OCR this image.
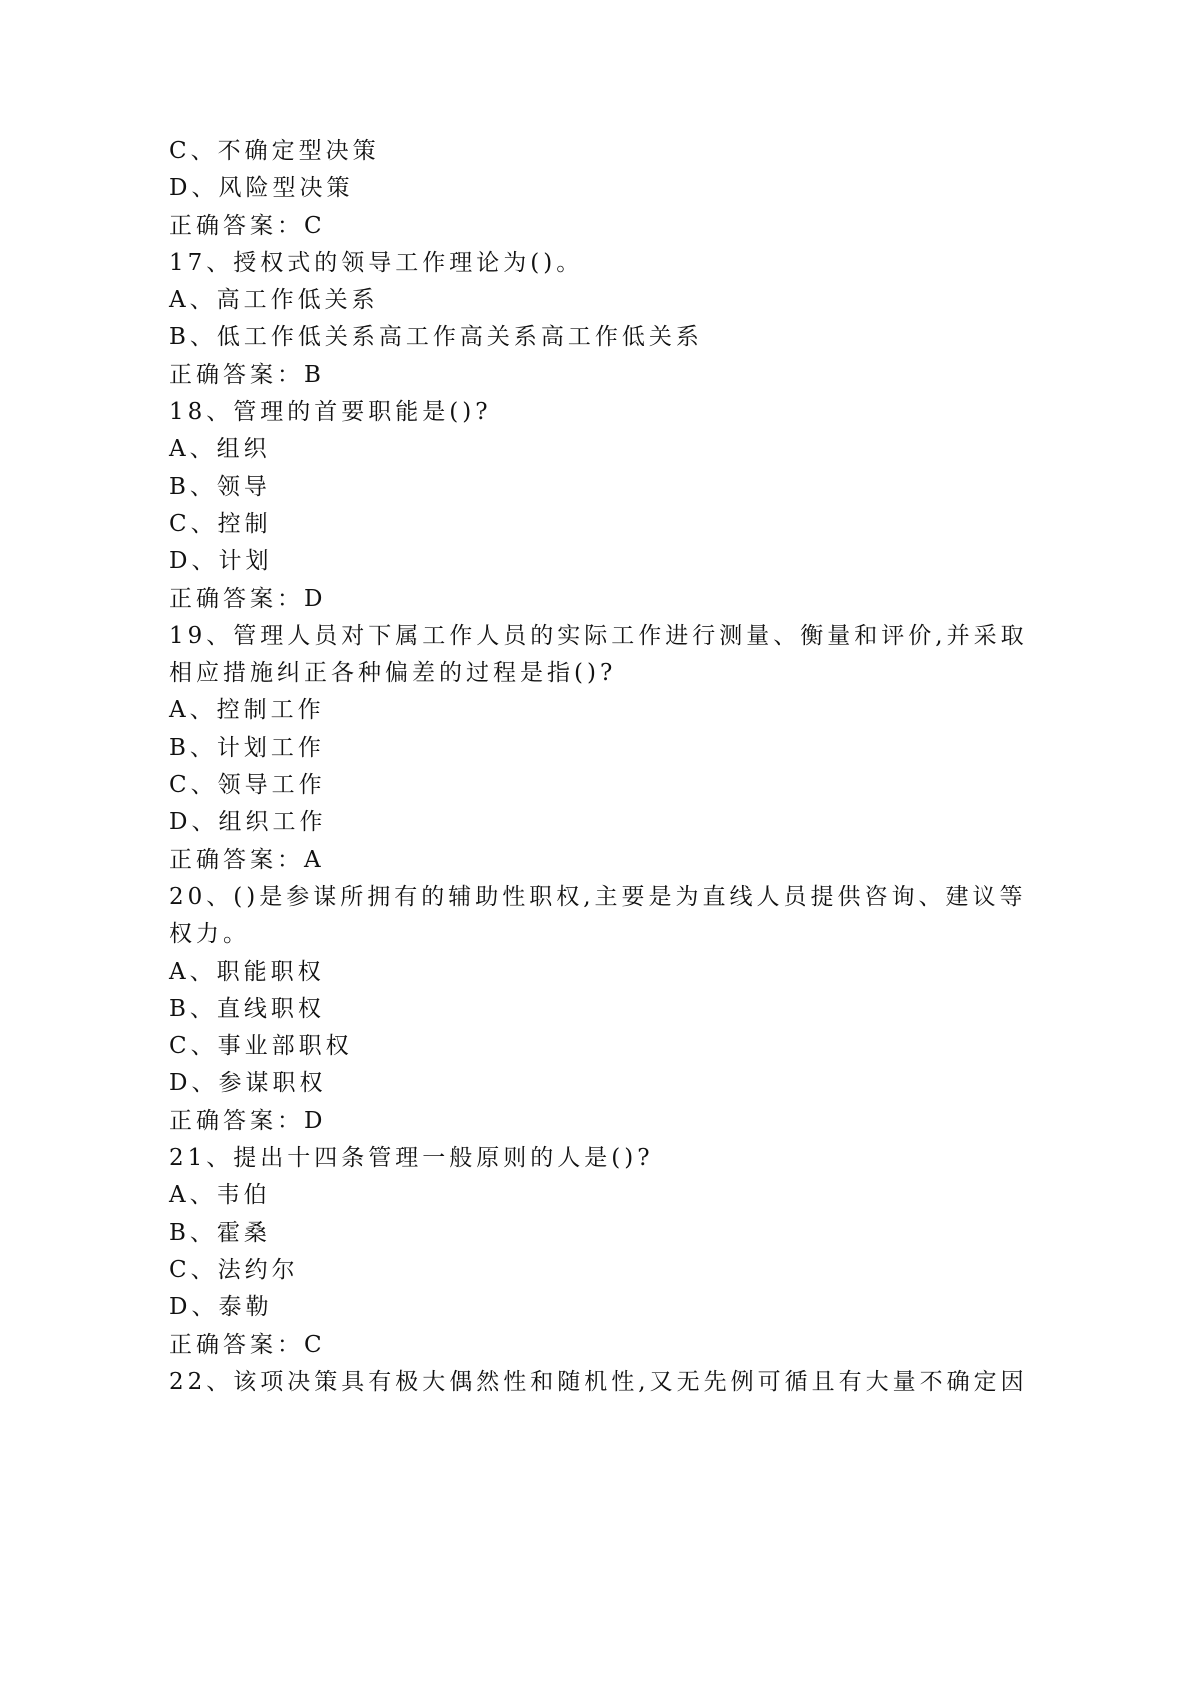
C、不确定型决策
D、风险型决策
正确答案：C
17、授权式的领导工作理论为()。
A、高工作低关系
B、低工作低关系高工作高关系高工作低关系
正确答案：B
18、管理的首要职能是()?
A、组织
B、领导
C、控制
D、计划
正确答案：D
19、管理人员对下属工作人员的实际工作进行测量、衡量和评价,并采取
相应措施纠正各种偏差的过程是指()?
A、控制工作
B、计划工作
C、领导工作
D、组织工作
正确答案：A
20、()是参谋所拥有的辅助性职权,主要是为直线人员提供咨询、建议等
权力。
A、职能职权
B、直线职权
C、事业部职权
D、参谋职权
正确答案：D
21、提出十四条管理一般原则的人是()?
A、韦伯
B、霍桑
C、法约尔
D、泰勒
正确答案：C
22、该项决策具有极大偶然性和随机性,又无先例可循且有大量不确定因
